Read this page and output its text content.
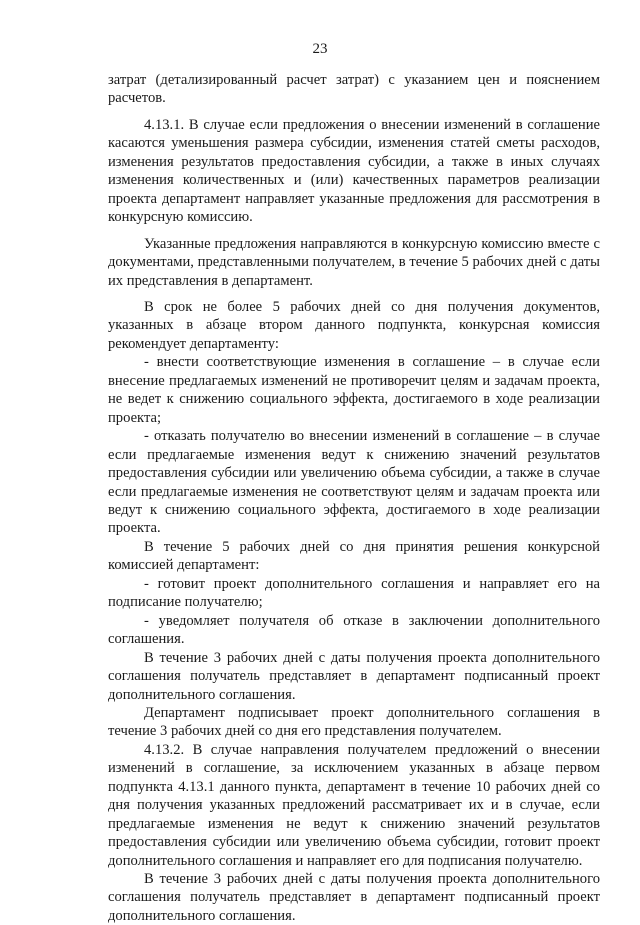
23

затрат (детализированный расчет затрат) с указанием цен и пояснением расчетов.

4.13.1. В случае если предложения о внесении изменений в соглашение касаются уменьшения размера субсидии, изменения статей сметы расходов, изменения результатов предоставления субсидии, а также в иных случаях изменения количественных и (или) качественных параметров реализации проекта департамент направляет указанные предложения для рассмотрения в конкурсную комиссию.

Указанные предложения направляются в конкурсную комиссию вместе с документами, представленными получателем, в течение 5 рабочих дней с даты их представления в департамент.

В срок не более 5 рабочих дней со дня получения документов, указанных в абзаце втором данного подпункта, конкурсная комиссия рекомендует департаменту:

- внести соответствующие изменения в соглашение – в случае если внесение предлагаемых изменений не противоречит целям и задачам проекта, не ведет к снижению социального эффекта, достигаемого в ходе реализации проекта;

- отказать получателю во внесении изменений в соглашение – в случае если предлагаемые изменения ведут к снижению значений результатов предоставления субсидии или увеличению объема субсидии, а также в случае если предлагаемые изменения не соответствуют целям и задачам проекта или ведут к снижению социального эффекта, достигаемого в ходе реализации проекта.

В течение 5 рабочих дней со дня принятия решения конкурсной комиссией департамент:

- готовит проект дополнительного соглашения и направляет его на подписание получателю;

- уведомляет получателя об отказе в заключении дополнительного соглашения.

В течение 3 рабочих дней с даты получения проекта дополнительного соглашения получатель представляет в департамент подписанный проект дополнительного соглашения.

Департамент подписывает проект дополнительного соглашения в течение 3 рабочих дней со дня его представления получателем.

4.13.2. В случае направления получателем предложений о внесении изменений в соглашение, за исключением указанных в абзаце первом подпункта 4.13.1 данного пункта, департамент в течение 10 рабочих дней со дня получения указанных предложений рассматривает их и в случае, если предлагаемые изменения не ведут к снижению значений результатов предоставления субсидии или увеличению объема субсидии, готовит проект дополнительного соглашения и направляет его для подписания получателю.

В течение 3 рабочих дней с даты получения проекта дополнительного соглашения получатель представляет в департамент подписанный проект дополнительного соглашения.
